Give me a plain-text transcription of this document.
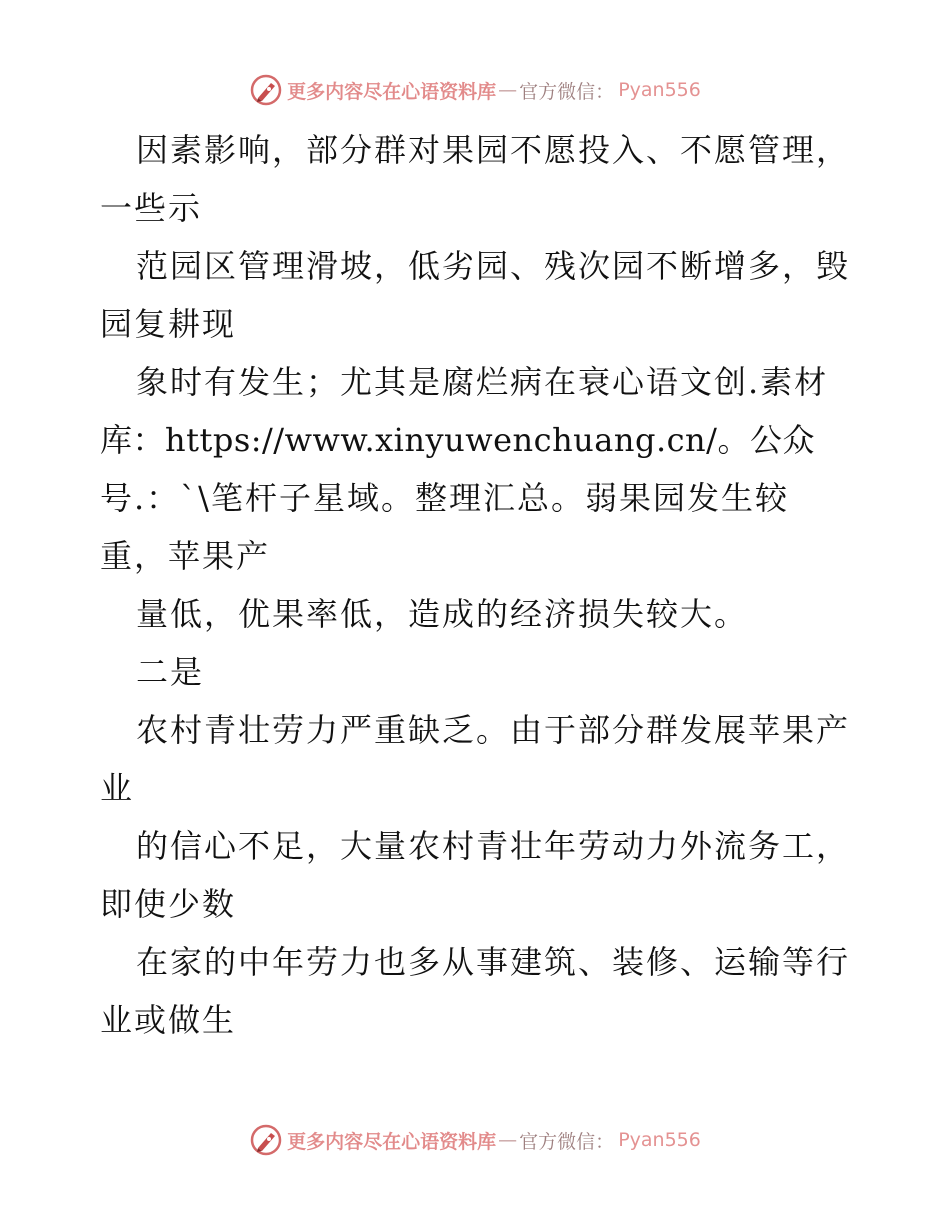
更多内容尽在心语资料库 — 官方微信： Pyan556
因素影响，部分群对果园不愿投入、不愿管理，
一些示
范园区管理滑坡，低劣园、残次园不断增多，毁
园复耕现
象时有发生；尤其是腐烂病在衰心语文创.素材
库：https://www.xinyuwenchuang.cn/。公众
号.：`\笔杆子星域。整理汇总。弱果园发生较
重，苹果产
量低，优果率低，造成的经济损失较大。
二是
农村青壮劳力严重缺乏。由于部分群发展苹果产
业
的信心不足，大量农村青壮年劳动力外流务工，
即使少数
在家的中年劳力也多从事建筑、装修、运输等行
业或做生
更多内容尽在心语资料库 — 官方微信： Pyan556
